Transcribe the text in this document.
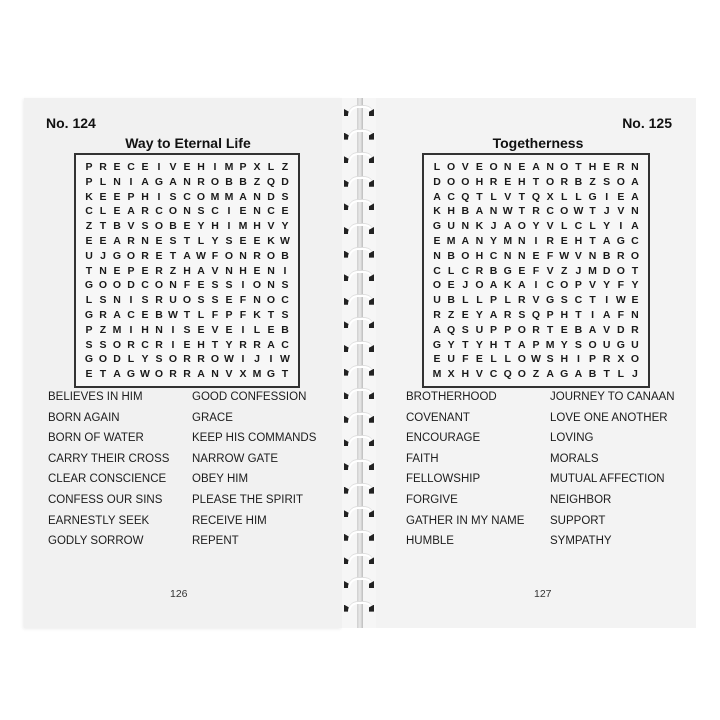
No. 124
Way to Eternal Life
P R E C E I V E H I M P X L Z
P L N I A G A N R O B B Z Q D
K E E P H I S C O M M A N D S
C L E A R C O N S C I E N C E
Z T B V S O B E Y H I M H V Y
E E A R N E S T L Y S E E K W
U J G O R E T A W F O N R O B
T N E P E R Z H A V N H E N I
G O O D C O N F E S S I O N S
L S N I S R U O S S E F N O C
G R A C E B W T L F P F K T S
P Z M I H N I S E V E I L E B
S S O R C R I E H T Y R R A C
G O D L Y S O R R O W I J I W
E T A G W O R R A N V X M G T
BELIEVES IN HIM	GOOD CONFESSION
BORN AGAIN	GRACE
BORN OF WATER	KEEP HIS COMMANDS
CARRY THEIR CROSS	NARROW GATE
CLEAR CONSCIENCE	OBEY HIM
CONFESS OUR SINS	PLEASE THE SPIRIT
EARNESTLY SEEK	RECEIVE HIM
GODLY SORROW	REPENT
126
No. 125
Togetherness
L O V E O N E A N O T H E R N
D O O H R E H T O R B Z S O A
A C Q T L V T Q X L L G I E A
K H B A N W T R C O W T J V N
G U N K J A O Y V L C L Y I A
E M A N Y M N I R E H T A G C
N B O H C N N E F W V N B R O
C L C R B G E F V Z J M D O T
O E J O A K A I C O P V Y F Y
U B L L P L R V G S C T I W E
R Z E Y A R S Q P H T I A F N
A Q S U P P O R T E B A V D R
G Y T Y H T A P M Y S O U G U
E U F E L L O W S H I P R X O
M X H V C Q O Z A G A B T L J
BROTHERHOOD	JOURNEY TO CANAAN
COVENANT	LOVE ONE ANOTHER
ENCOURAGE	LOVING
FAITH	MORALS
FELLOWSHIP	MUTUAL AFFECTION
FORGIVE	NEIGHBOR
GATHER IN MY NAME	SUPPORT
HUMBLE	SYMPATHY
127
